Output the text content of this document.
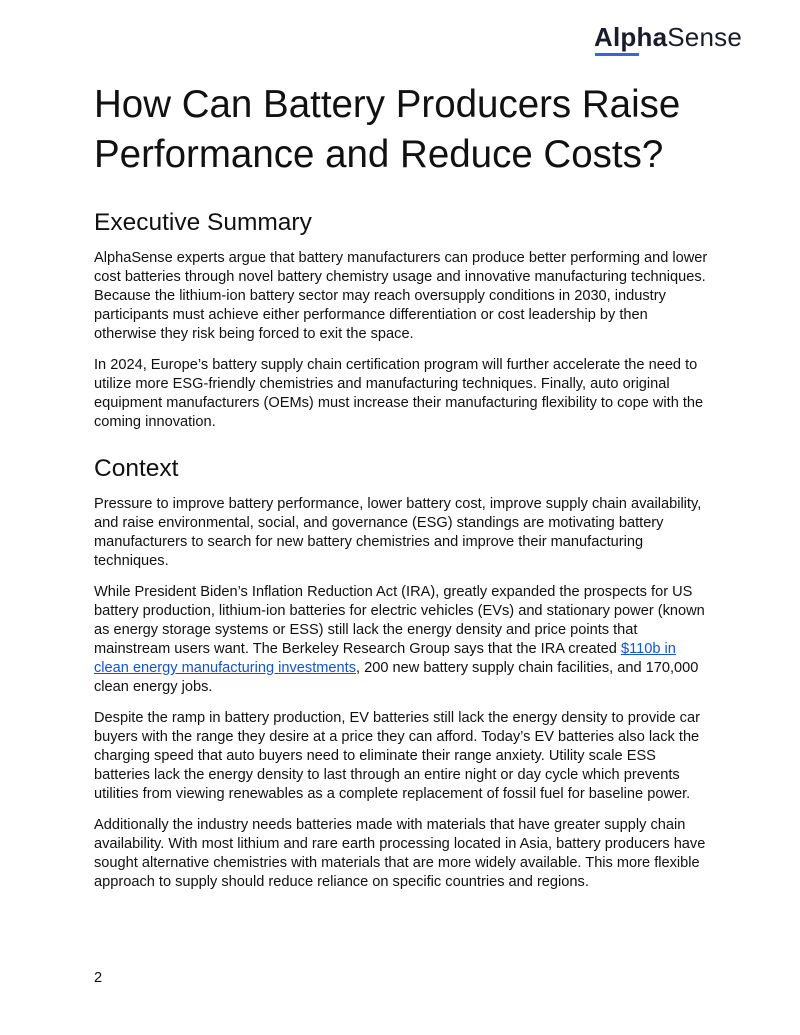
AlphaSense
How Can Battery Producers Raise Performance and Reduce Costs?
Executive Summary

AlphaSense experts argue that battery manufacturers can produce better performing and lower cost batteries through novel battery chemistry usage and innovative manufacturing techniques. Because the lithium-ion battery sector may reach oversupply conditions in 2030, industry participants must achieve either performance differentiation or cost leadership by then otherwise they risk being forced to exit the space.

In 2024, Europe’s battery supply chain certification program will further accelerate the need to utilize more ESG-friendly chemistries and manufacturing techniques. Finally, auto original equipment manufacturers (OEMs) must increase their manufacturing flexibility to cope with the coming innovation.

Context

Pressure to improve battery performance, lower battery cost, improve supply chain availability, and raise environmental, social, and governance (ESG) standings are motivating battery manufacturers to search for new battery chemistries and improve their manufacturing techniques.

While President Biden’s Inflation Reduction Act (IRA), greatly expanded the prospects for US battery production, lithium-ion batteries for electric vehicles (EVs) and stationary power (known as energy storage systems or ESS) still lack the energy density and price points that mainstream users want. The Berkeley Research Group says that the IRA created $110b in clean energy manufacturing investments, 200 new battery supply chain facilities, and 170,000 clean energy jobs.

Despite the ramp in battery production, EV batteries still lack the energy density to provide car buyers with the range they desire at a price they can afford. Today’s EV batteries also lack the charging speed that auto buyers need to eliminate their range anxiety. Utility scale ESS batteries lack the energy density to last through an entire night or day cycle which prevents utilities from viewing renewables as a complete replacement of fossil fuel for baseline power.

Additionally the industry needs batteries made with materials that have greater supply chain availability. With most lithium and rare earth processing located in Asia, battery producers have sought alternative chemistries with materials that are more widely available. This more flexible approach to supply should reduce reliance on specific countries and regions.

2
